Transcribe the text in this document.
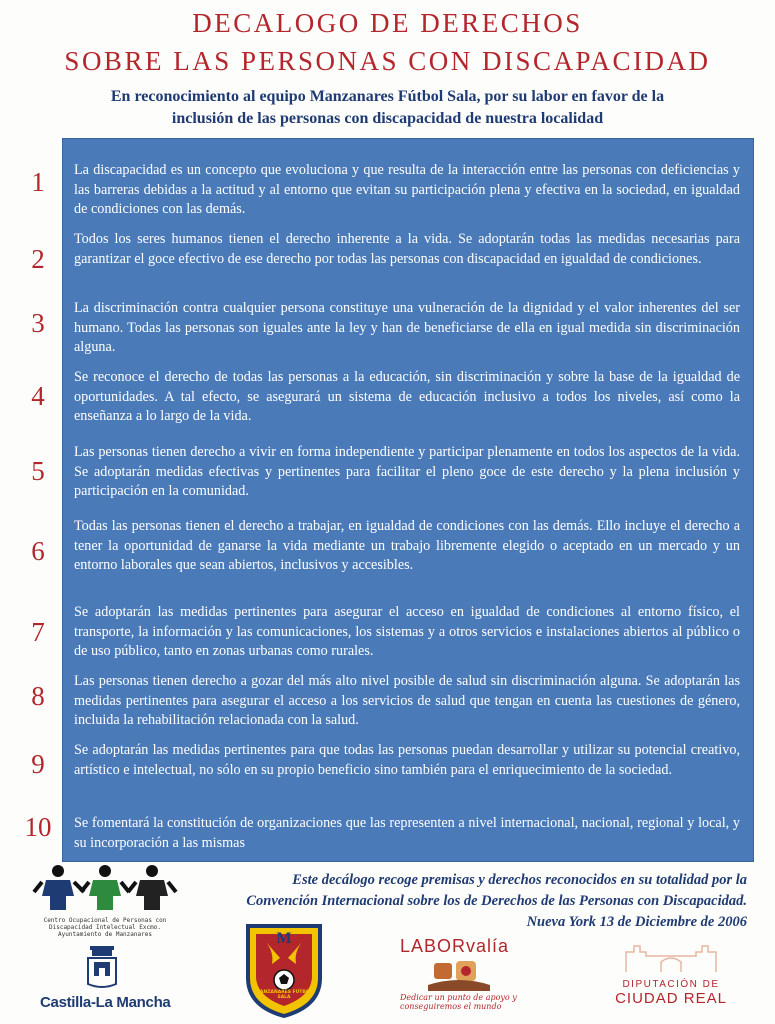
DECALOGO DE DERECHOS
SOBRE LAS PERSONAS CON DISCAPACIDAD
En reconocimiento al equipo Manzanares Fútbol Sala, por su labor en favor de la
inclusión de las personas con discapacidad de nuestra localidad
1
2
3
4
5
6
7
8
9
10
La discapacidad es un concepto que evoluciona y que resulta de la interacción entre las personas con deficiencias y las barreras debidas a la actitud y al entorno que evitan su participación plena y efectiva en la sociedad, en igualdad de condiciones con las demás.
Todos los seres humanos tienen el derecho inherente a la vida. Se adoptarán todas las medidas necesarias para garantizar el goce efectivo de ese derecho por todas las personas con discapacidad en igualdad de condiciones.
La discriminación contra cualquier persona constituye una vulneración de la dignidad y el valor inherentes del ser humano. Todas las personas son iguales ante la ley y han de beneficiarse de ella en igual medida sin discriminación alguna.
Se reconoce el derecho de todas las personas a la educación, sin discriminación y sobre la base de la igualdad de oportunidades. A tal efecto, se asegurará un sistema de educación inclusivo a todos los niveles, así como la enseñanza a lo largo de la vida.
Las personas tienen derecho a vivir en forma independiente y participar plenamente en todos los aspectos de la vida. Se adoptarán medidas efectivas y pertinentes para facilitar el pleno goce de este derecho y la plena inclusión y participación en la comunidad.
Todas las personas tienen el derecho a trabajar, en igualdad de condiciones con las demás. Ello incluye el derecho a tener la oportunidad de ganarse la vida mediante un trabajo libremente elegido o aceptado en un mercado y un entorno laborales que sean abiertos, inclusivos y accesibles.
Se adoptarán las medidas pertinentes para asegurar el acceso en igualdad de condiciones al entorno físico, el transporte, la información y las comunicaciones, los sistemas y a otros servicios e instalaciones abiertos al público o de uso público, tanto en zonas urbanas como rurales.
Las personas tienen derecho a gozar del más alto nivel posible de salud sin discriminación alguna. Se adoptarán las medidas pertinentes para asegurar el acceso a los servicios de salud que tengan en cuenta las cuestiones de género, incluida la rehabilitación relacionada con la salud.
Se adoptarán las medidas pertinentes para que todas las personas puedan desarrollar y utilizar su potencial creativo, artístico e intelectual, no sólo en su propio beneficio sino también para el enriquecimiento de la sociedad.
Se fomentará la constitución de organizaciones que las representen a nivel internacional, nacional, regional y local, y su incorporación a las mismas
Este decálogo recoge premisas y derechos reconocidos en su totalidad por la
Convención Internacional sobre los de Derechos de las Personas con Discapacidad.
Nueva York 13 de Diciembre de 2006
Centro Ocupacional de Personas con Discapacidad Intelectual Excmo. Ayuntamiento de Manzanares
Castilla-La Mancha
M
MANZANARES FÚTBOL SALA
LABORvalía
Dedicar un punto de apoyo y conseguiremos el mundo
DIPUTACIÓN DE
CIUDAD REAL
